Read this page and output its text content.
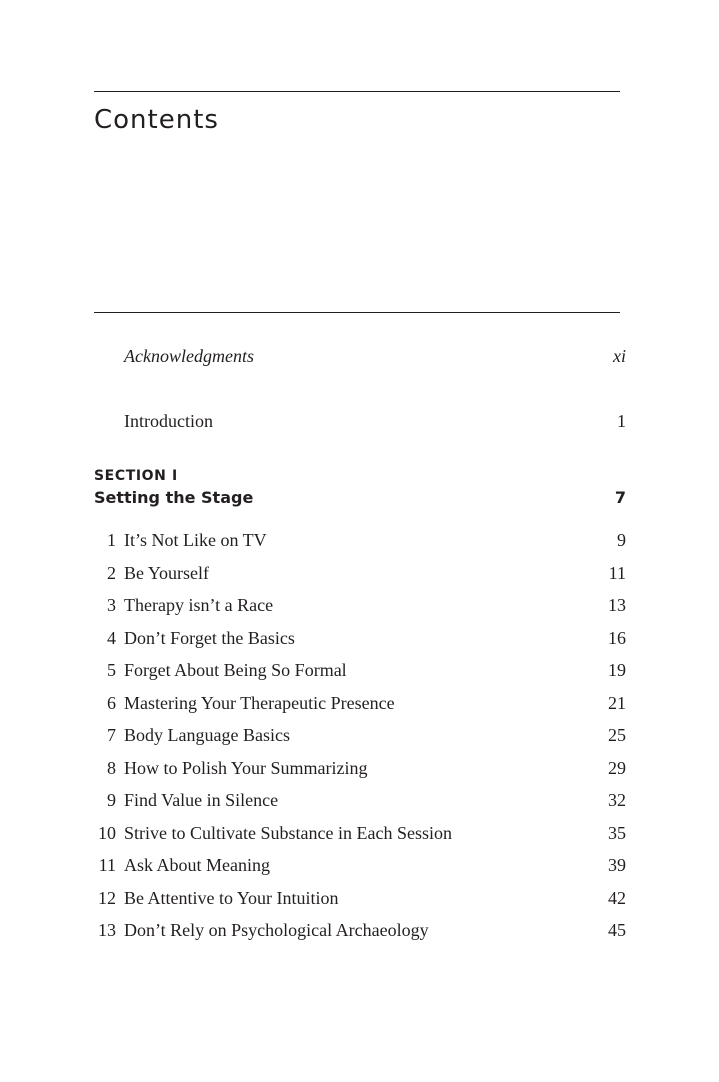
Contents
Acknowledgments	xi
Introduction	1
SECTION I
Setting the Stage	7
1 It’s Not Like on TV	9
2 Be Yourself	11
3 Therapy isn’t a Race	13
4 Don’t Forget the Basics	16
5 Forget About Being So Formal	19
6 Mastering Your Therapeutic Presence	21
7 Body Language Basics	25
8 How to Polish Your Summarizing	29
9 Find Value in Silence	32
10 Strive to Cultivate Substance in Each Session	35
11 Ask About Meaning	39
12 Be Attentive to Your Intuition	42
13 Don’t Rely on Psychological Archaeology	45
